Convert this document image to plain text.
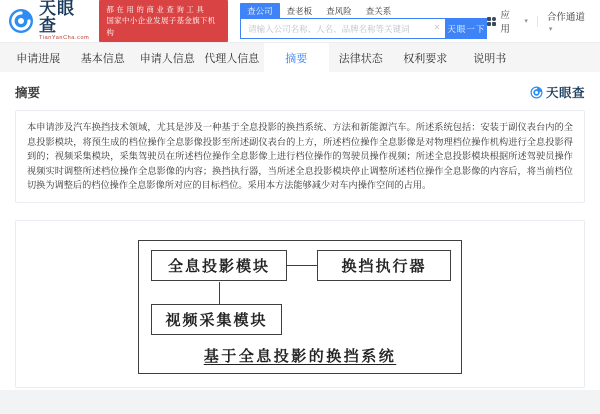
天眼查
TianYanCha.com
都在用的商业查询工具
国家中小企业发展子基金旗下机构
查公司	查老板	查风险	查关系
请输入公司名称、人名、品牌名称等关键词
✕ 天眼一下
应用
▾ 合作通道 ▾
申请进展	基本信息	申请人信息 代理人信息	摘要	法律状态	权利要求	说明书
摘要	天眼查
本申请涉及汽车换挡技术领域，尤其是涉及一种基于全息投影的换挡系统、方法和新能源汽车。所述系统包括：安装于副仪表台内的全息投影模块，将预生成的档位操作全息影像投影至所述副仪表台的上方，所述档位操作全息影像是对物理档位操作机构进行全息投影得到的；视频采集模块，采集驾驶员在所述档位操作全息影像上进行档位操作的驾驶员操作视频；所述全息投影模块根据所述驾驶员操作视频实时调整所述档位操作全息影像的内容；换挡执行器，当所述全息投影模块停止调整所述档位操作全息影像的内容后，将当前档位切换为调整后的档位操作全息影像所对应的目标档位。采用本方法能够减少对车内操作空间的占用。
全息投影模块	换挡执行器
视频采集模块
基于全息投影的换挡系统
